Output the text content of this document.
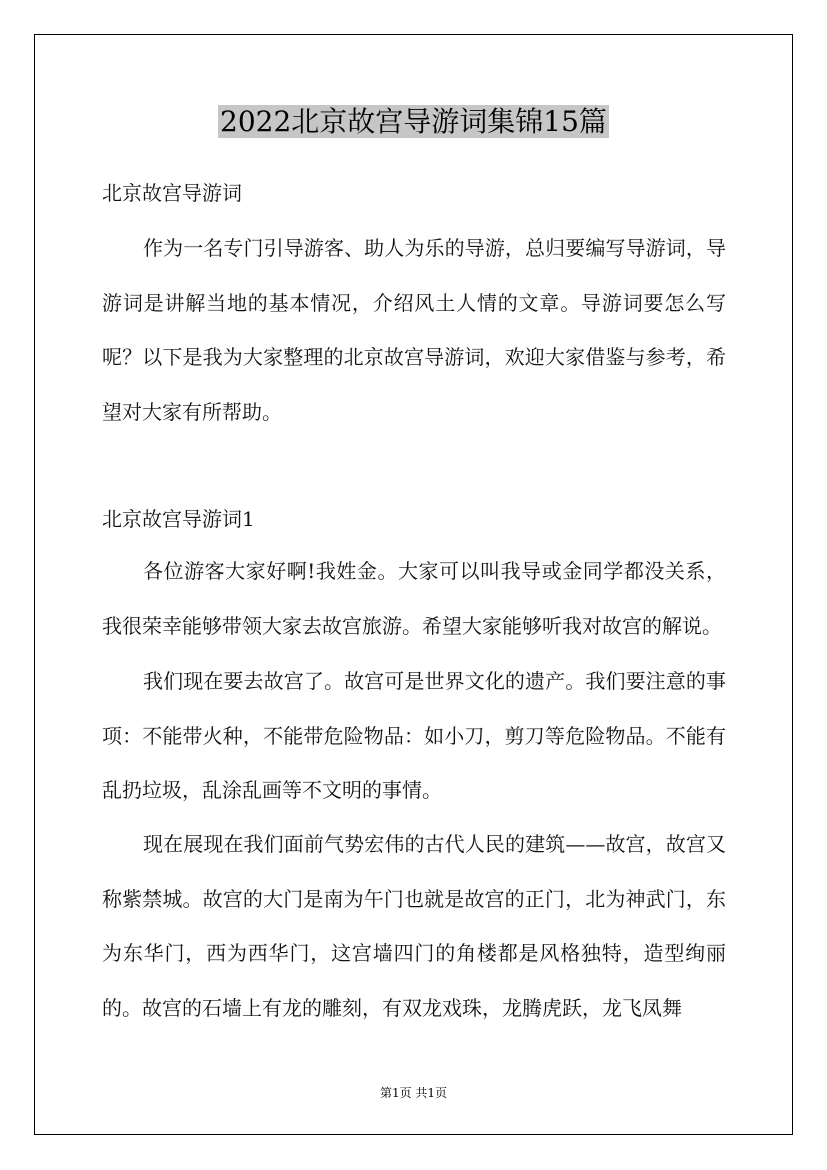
2022北京故宫导游词集锦15篇
北京故宫导游词

作为一名专门引导游客、助人为乐的导游，总归要编写导游词，导游词是讲解当地的基本情况，介绍风土人情的文章。导游词要怎么写呢？以下是我为大家整理的北京故宫导游词，欢迎大家借鉴与参考，希望对大家有所帮助。

北京故宫导游词1

各位游客大家好啊!我姓金。大家可以叫我导或金同学都没关系，我很荣幸能够带领大家去故宫旅游。希望大家能够听我对故宫的解说。

我们现在要去故宫了。故宫可是世界文化的遗产。我们要注意的事项：不能带火种，不能带危险物品：如小刀，剪刀等危险物品。不能有乱扔垃圾，乱涂乱画等不文明的事情。

现在展现在我们面前气势宏伟的古代人民的建筑——故宫，故宫又称紫禁城。故宫的大门是南为午门也就是故宫的正门，北为神武门，东为东华门，西为西华门，这宫墙四门的角楼都是风格独特，造型绚丽的。故宫的石墙上有龙的雕刻，有双龙戏珠，龙腾虎跃，龙飞凤舞

第1页 共1页
